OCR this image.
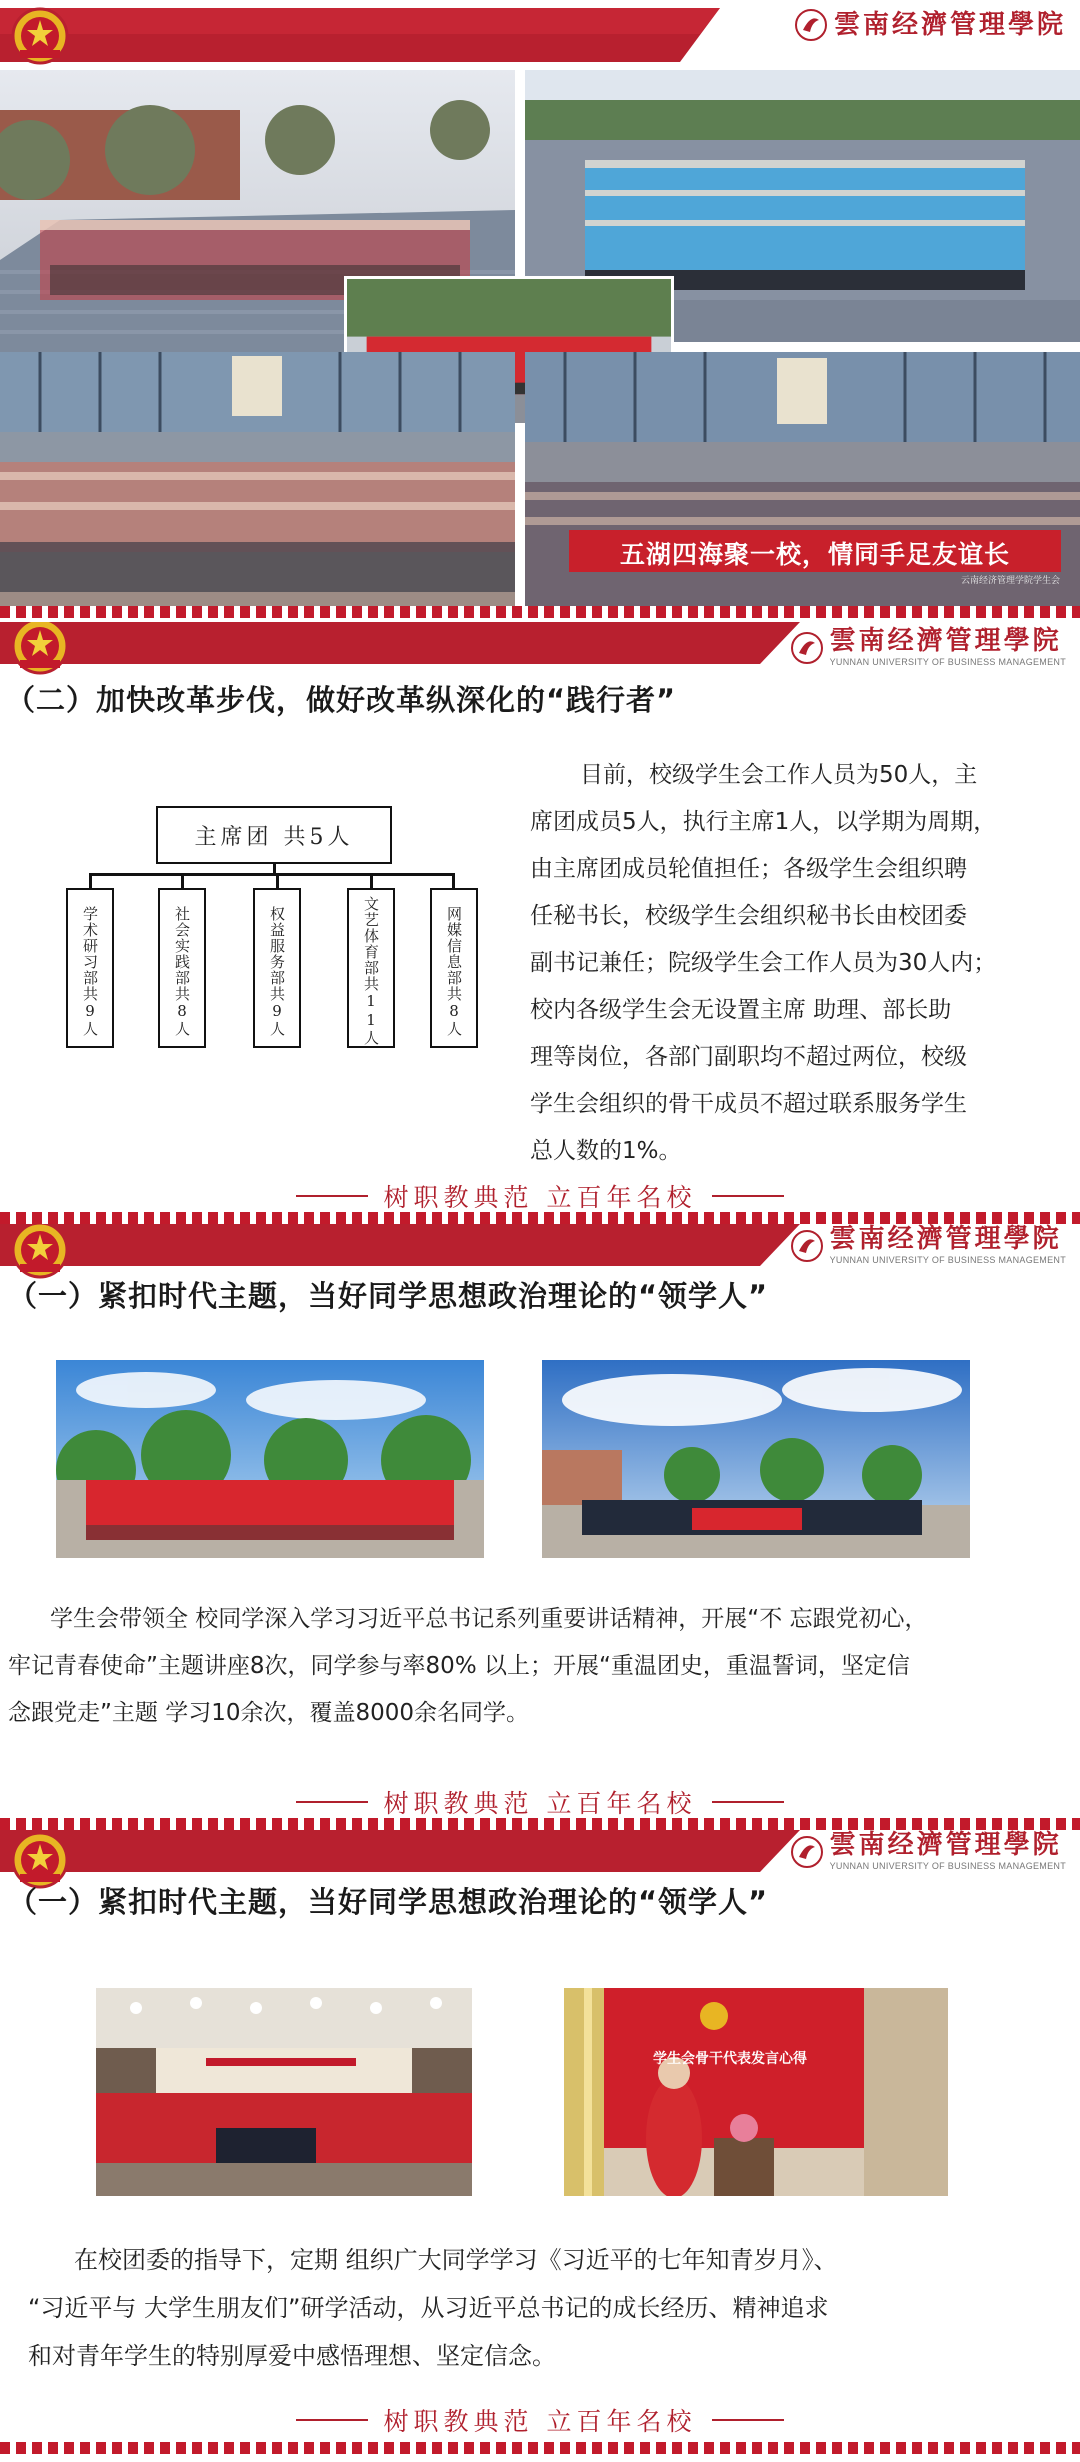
雲南经濟管理學院
五湖四海聚一校，情同手足友谊长
云南经济管理学院学生会
雲南经濟管理學院
YUNNAN UNIVERSITY OF BUSINESS MANAGEMENT
（二）加快改革步伐，做好改革纵深化的“践行者”
主席团 共5人
学术研习部
共9人
社会实践部
共8人
权益服务部
共9人
文艺体育部
共11人
网媒信息部
共8人
目前，校级学生会工作人员为50人，主
席团成员5人，执行主席1人，以学期为周期，
由主席团成员轮值担任；各级学生会组织聘
任秘书长，校级学生会组织秘书长由校团委
副书记兼任；院级学生会工作人员为30人内；
校内各级学生会无设置主席 助理、部长助
理等岗位，各部门副职均不超过两位，校级
学生会组织的骨干成员不超过联系服务学生
总人数的1%。
树职教典范 立百年名校
雲南经濟管理學院
YUNNAN UNIVERSITY OF BUSINESS MANAGEMENT
（一）紧扣时代主题，当好同学思想政治理论的“领学人”
学生会带领全 校同学深入学习习近平总书记系列重要讲话精神，开展“不 忘跟党初心，
牢记青春使命”主题讲座8次，同学参与率80% 以上；开展“重温团史，重温誓词，坚定信
念跟党走”主题 学习10余次，覆盖8000余名同学。
树职教典范 立百年名校
雲南经濟管理學院
YUNNAN UNIVERSITY OF BUSINESS MANAGEMENT
（一）紧扣时代主题，当好同学思想政治理论的“领学人”
学生会骨干代表发言心得
在校团委的指导下，定期 组织广大同学学习《习近平的七年知青岁月》、
“习近平与 大学生朋友们”研学活动，从习近平总书记的成长经历、精神追求
和对青年学生的特别厚爱中感悟理想、坚定信念。
树职教典范 立百年名校
